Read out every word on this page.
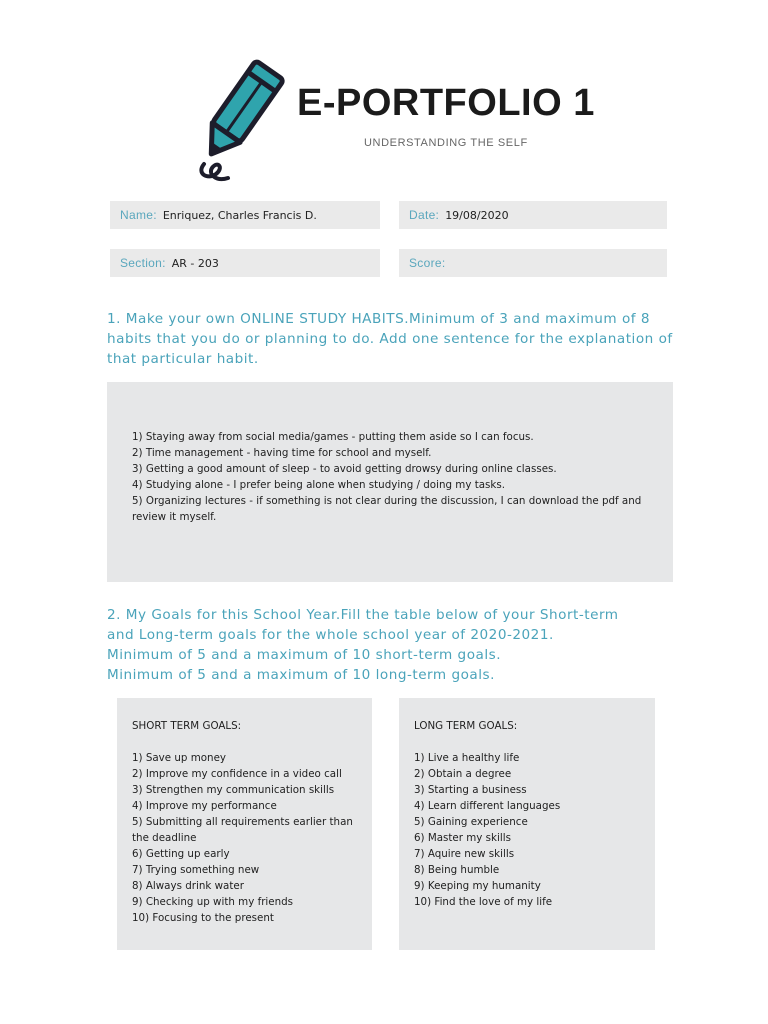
E-PORTFOLIO 1
UNDERSTANDING THE SELF
Name: Enriquez, Charles Francis D.	Date: 19/08/2020
Section: AR - 203	Score:

1. Make your own ONLINE STUDY HABITS.Minimum of 3 and maximum of 8 habits that you do or planning to do. Add one sentence for the explanation of that particular habit.

1) Staying away from social media/games - putting them aside so I can focus.
2) Time management - having time for school and myself.
3) Getting a good amount of sleep - to avoid getting drowsy during online classes.
4) Studying alone - I prefer being alone when studying / doing my tasks.
5) Organizing lectures - if something is not clear during the discussion, I can download the pdf and review it myself.
2. My Goals for this School Year.Fill the table below of your Short-term
and Long-term goals for the whole school year of 2020-2021.
Minimum of 5 and a maximum of 10 short-term goals.
Minimum of 5 and a maximum of 10 long-term goals.
SHORT TERM GOALS:
1) Save up money
2) Improve my confidence in a video call
3) Strengthen my communication skills
4) Improve my performance
5) Submitting all requirements earlier than the deadline
6) Getting up early
7) Trying something new
8) Always drink water
9) Checking up with my friends
10) Focusing to the present
LONG TERM GOALS:
1) Live a healthy life
2) Obtain a degree
3) Starting a business
4) Learn different languages
5) Gaining experience
6) Master my skills
7) Aquire new skills
8) Being humble
9) Keeping my humanity
10) Find the love of my life
